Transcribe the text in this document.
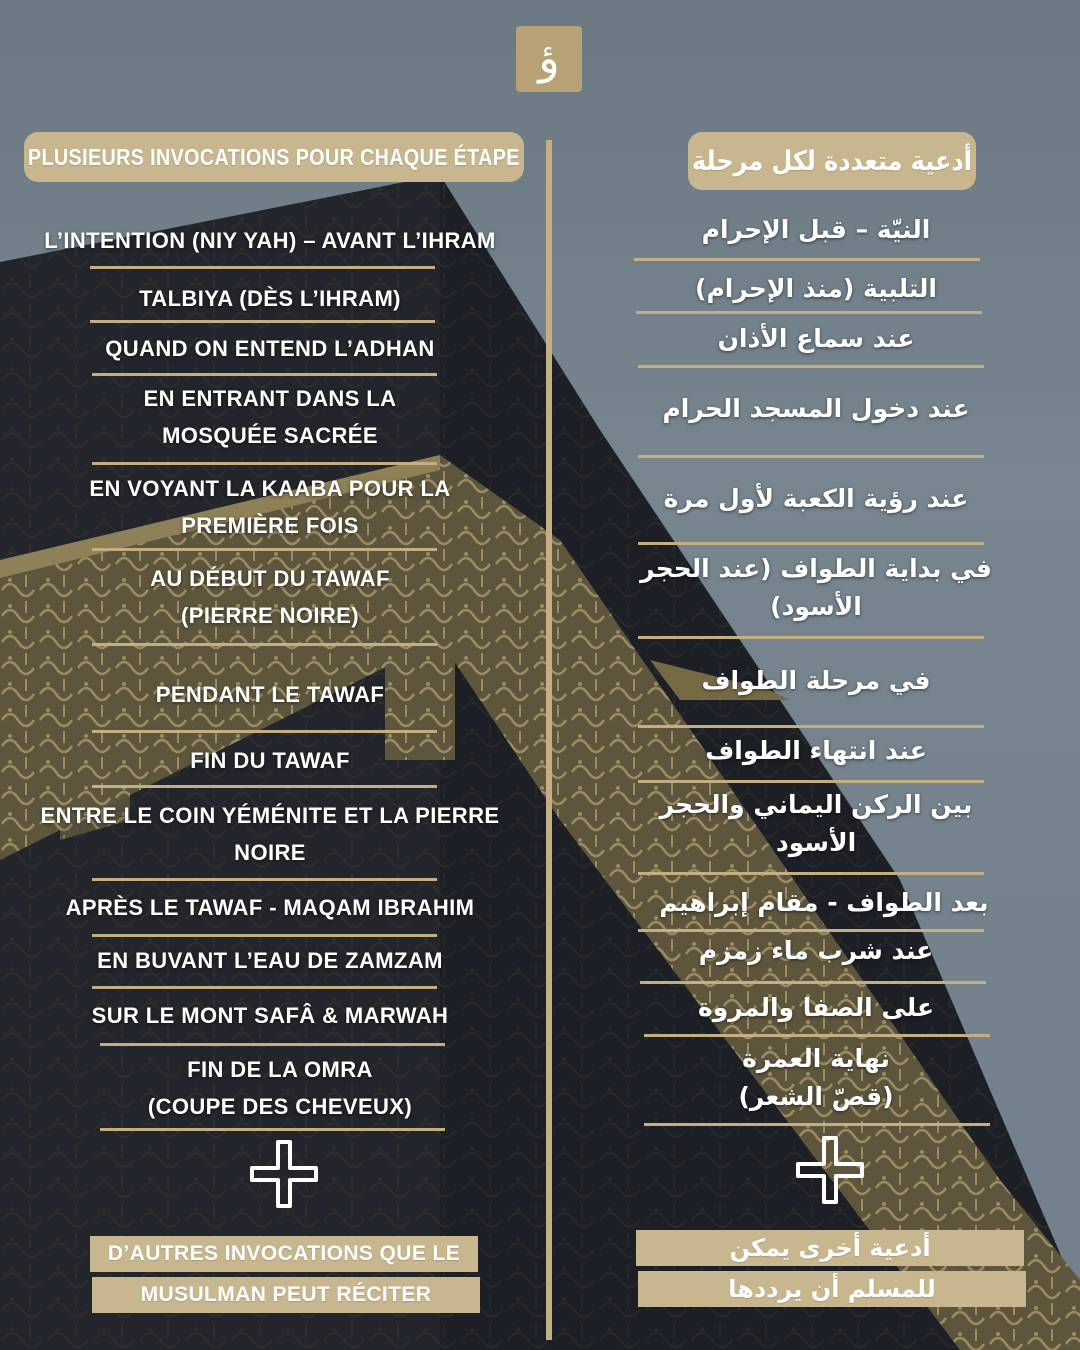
ؤ
PLUSIEURS INVOCATIONS POUR CHAQUE ÉTAPE	أدعية متعددة لكل مرحلة
L’INTENTION (NIY YAH) – AVANT L’IHRAM
TALBIYA (DÈS L’IHRAM)
QUAND ON ENTEND L’ADHAN
EN ENTRANT DANS LA
MOSQUÉE SACRÉE
EN VOYANT LA KAABA POUR LA
PREMIÈRE FOIS
AU DÉBUT DU TAWAF
(PIERRE NOIRE)
PENDANT LE TAWAF
FIN DU TAWAF
ENTRE LE COIN YÉMÉNITE ET LA PIERRE
NOIRE
APRÈS LE TAWAF - MAQAM IBRAHIM
EN BUVANT L’EAU DE ZAMZAM
SUR LE MONT SAFÂ & MARWAH
FIN DE LA OMRA
(COUPE DES CHEVEUX)
D’AUTRES INVOCATIONS QUE LE
MUSULMAN PEUT RÉCITER
النيّة – قبل الإحرام
التلبية (منذ الإحرام)
عند سماع الأذان
عند دخول المسجد الحرام
عند رؤية الكعبة لأول مرة
في بداية الطواف (عند الحجر
الأسود)
في مرحلة الطواف
عند انتهاء الطواف
بين الركن اليماني والحجر
الأسود
بعد الطواف - مقام إبراهيم
عند شرب ماء زمزم
على الصفا والمروة
نهاية العمرة
(قصّ الشعر)
أدعية أخرى يمكن
للمسلم أن يرددها
